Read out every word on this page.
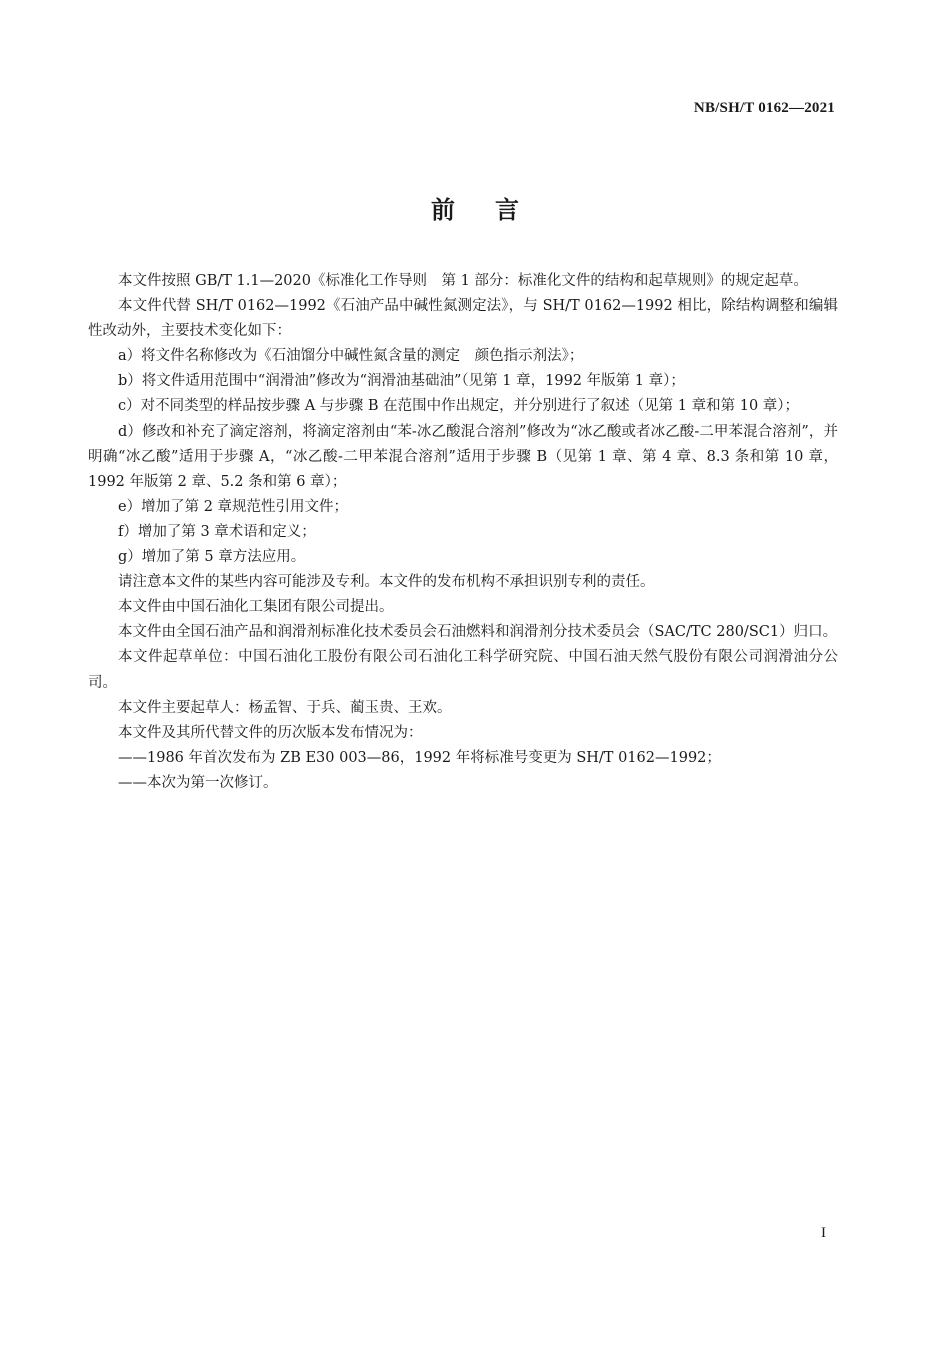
NB/SH/T 0162—2021
前言

本文件按照 GB/T 1.1—2020《标准化工作导则　第 1 部分：标准化文件的结构和起草规则》的规定起草。

本文件代替 SH/T 0162—1992《石油产品中碱性氮测定法》，与 SH/T 0162—1992 相比，除结构调整和编辑性改动外，主要技术变化如下：

a）将文件名称修改为《石油馏分中碱性氮含量的测定　颜色指示剂法》；

b）将文件适用范围中“润滑油”修改为“润滑油基础油”（见第 1 章，1992 年版第 1 章）；

c）对不同类型的样品按步骤 A 与步骤 B 在范围中作出规定，并分别进行了叙述（见第 1 章和第 10 章）；

d）修改和补充了滴定溶剂，将滴定溶剂由“苯-冰乙酸混合溶剂”修改为“冰乙酸或者冰乙酸-二甲苯混合溶剂”，并明确“冰乙酸”适用于步骤 A，“冰乙酸-二甲苯混合溶剂”适用于步骤 B（见第 1 章、第 4 章、8.3 条和第 10 章，1992 年版第 2 章、5.2 条和第 6 章）；

e）增加了第 2 章规范性引用文件；

f）增加了第 3 章术语和定义；

g）增加了第 5 章方法应用。

请注意本文件的某些内容可能涉及专利。本文件的发布机构不承担识别专利的责任。

本文件由中国石油化工集团有限公司提出。

本文件由全国石油产品和润滑剂标准化技术委员会石油燃料和润滑剂分技术委员会（SAC/TC 280/SC1）归口。

本文件起草单位：中国石油化工股份有限公司石油化工科学研究院、中国石油天然气股份有限公司润滑油分公司。

本文件主要起草人：杨孟智、于兵、蔺玉贵、王欢。

本文件及其所代替文件的历次版本发布情况为：

——1986 年首次发布为 ZB E30 003—86，1992 年将标准号变更为 SH/T 0162—1992；

——本次为第一次修订。

I
